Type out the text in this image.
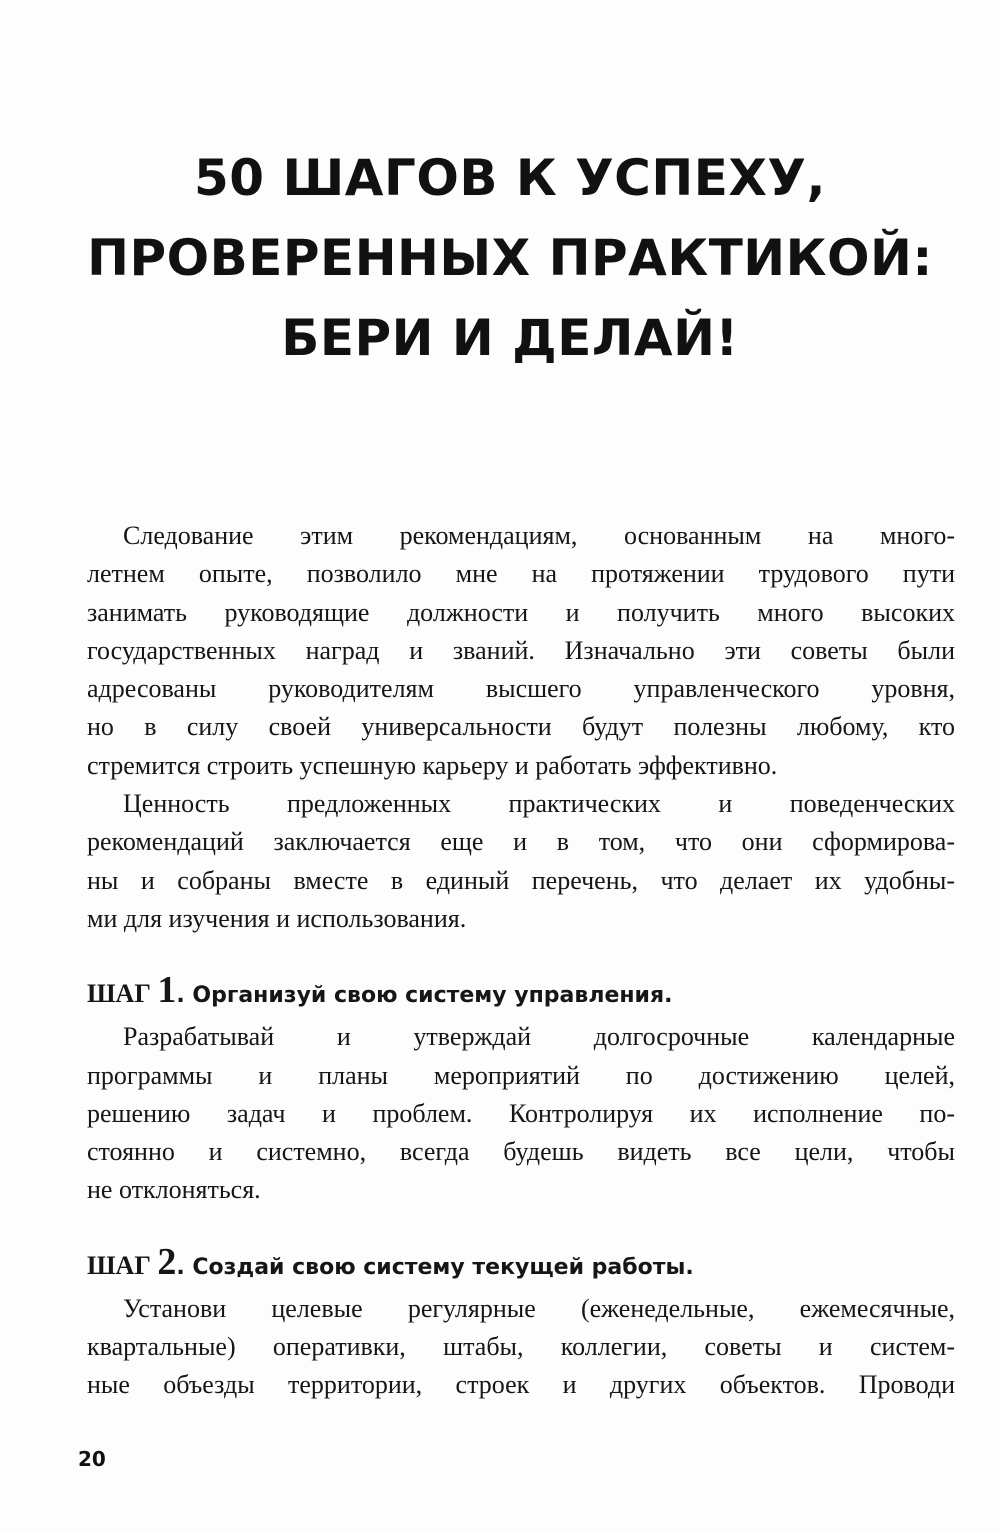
50 ШАГОВ К УСПЕХУ,
ПРОВЕРЕННЫХ ПРАКТИКОЙ:
БЕРИ И ДЕЛАЙ!
Следование этим рекомендациям, основанным на много-
летнем опыте, позволило мне на протяжении трудового пути
занимать руководящие должности и получить много высоких
государственных наград и званий. Изначально эти советы были
адресованы руководителям высшего управленческого уровня,
но в силу своей универсальности будут полезны любому, кто
стремится строить успешную карьеру и работать эффективно.
Ценность предложенных практических и поведенческих
рекомендаций заключается еще и в том, что они сформирова-
ны и собраны вместе в единый перечень, что делает их удобны-
ми для изучения и использования.
ШАГ 1. Организуй свою систему управления.
Разрабатывай и утверждай долгосрочные календарные
программы и планы мероприятий по достижению целей,
решению задач и проблем. Контролируя их исполнение по-
стоянно и системно, всегда будешь видеть все цели, чтобы
не отклоняться.
ШАГ 2. Создай свою систему текущей работы.
Установи целевые регулярные (еженедельные, ежемесячные,
квартальные) оперативки, штабы, коллегии, советы и систем-
ные объезды территории, строек и других объектов. Проводи
20
